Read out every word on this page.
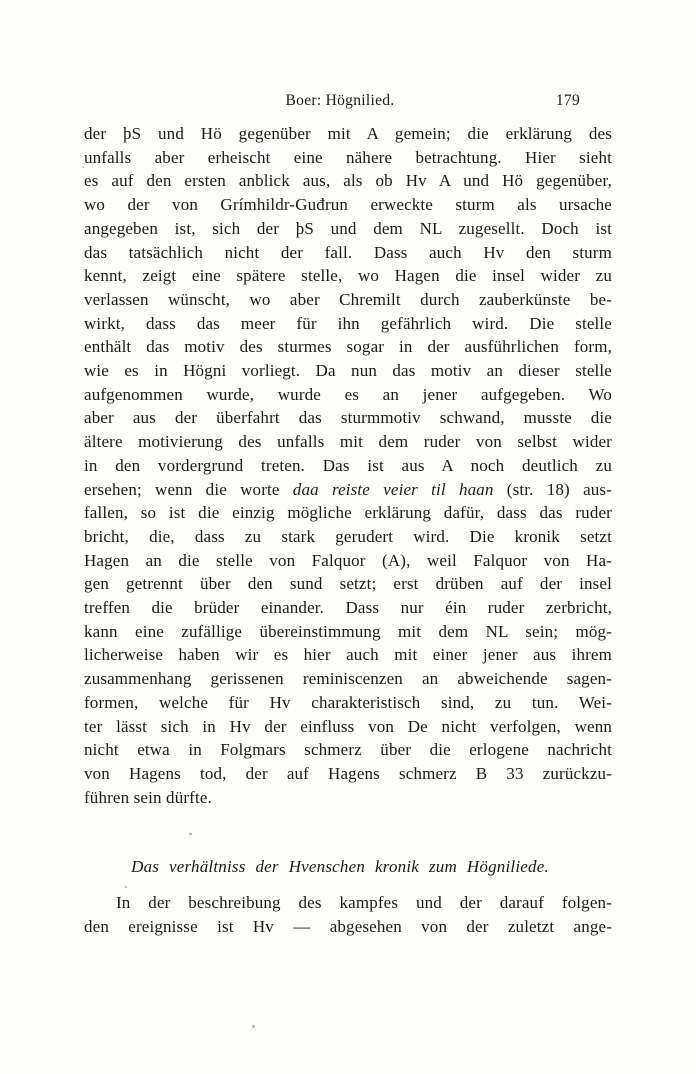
Boer: Högnilied.	179
der þS und Hö gegenüber mit A gemein; die erklärung des
unfalls aber erheischt eine nähere betrachtung. Hier sieht
es auf den ersten anblick aus, als ob Hv A und Hö gegenüber,
wo der von Grímhildr-Guđrun erweckte sturm als ursache
angegeben ist, sich der þS und dem NL zugesellt. Doch ist
das tatsächlich nicht der fall. Dass auch Hv den sturm
kennt, zeigt eine spätere stelle, wo Hagen die insel wider zu
verlassen wünscht, wo aber Chremilt durch zauberkünste be-
wirkt, dass das meer für ihn gefährlich wird. Die stelle
enthält das motiv des sturmes sogar in der ausführlichen form,
wie es in Högni vorliegt. Da nun das motiv an dieser stelle
aufgenommen wurde, wurde es an jener aufgegeben. Wo
aber aus der überfahrt das sturmmotiv schwand, musste die
ältere motivierung des unfalls mit dem ruder von selbst wider
in den vordergrund treten. Das ist aus A noch deutlich zu
ersehen; wenn die worte daa reiste veier til haan (str. 18) aus-
fallen, so ist die einzig mögliche erklärung dafür, dass das ruder
bricht, die, dass zu stark gerudert wird. Die kronik setzt
Hagen an die stelle von Falquor (A), weil Falquor von Ha-
gen getrennt über den sund setzt; erst drüben auf der insel
treffen die brüder einander. Dass nur éin ruder zerbricht,
kann eine zufällige übereinstimmung mit dem NL sein; mög-
licherweise haben wir es hier auch mit einer jener aus ihrem
zusammenhang gerissenen reminiscenzen an abweichende sagen-
formen, welche für Hv charakteristisch sind, zu tun. Wei-
ter lässt sich in Hv der einfluss von De nicht verfolgen, wenn
nicht etwa in Folgmars schmerz über die erlogene nachricht
von Hagens tod, der auf Hagens schmerz B 33 zurückzu-
führen sein dürfte.
Das verhältniss der Hvenschen kronik zum Högniliede.
In der beschreibung des kampfes und der darauf folgen-
den ereignisse ist Hv — abgesehen von der zuletzt ange-
